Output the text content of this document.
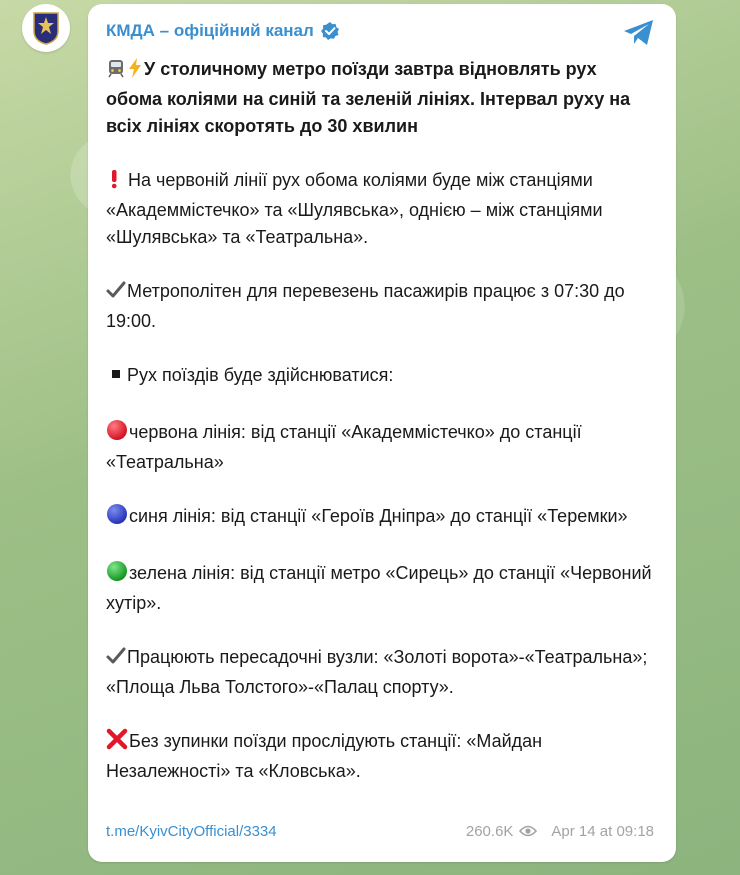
КМДА – офіційний канал

У столичному метро поїзди завтра відновлять рух обома коліями на синій та зеленій лініях. Інтервал руху на всіх лініях скоротять до 30 хвилин

На червоній лінії рух обома коліями буде між станціями «Академмістечко» та «Шулявська», однією – між станціями «Шулявська» та «Театральна».

Метрополітен для перевезень пасажирів працює з 07:30 до 19:00.

Рух поїздів буде здійснюватися:

червона лінія: від станції «Академмістечко» до станції «Театральна»

синя лінія: від станції «Героїв Дніпра» до станції «Теремки»

зелена лінія: від станції метро «Сирець» до станції «Червоний хутір».

Працюють пересадочні вузли: «Золоті ворота»-«Театральна»; «Площа Льва Толстого»-«Палац спорту».

Без зупинки поїзди прослідують станції: «Майдан Незалежності» та «Кловська».

t.me/KyivCityOfficial/3334	260.6K	Apr 14 at 09:18
